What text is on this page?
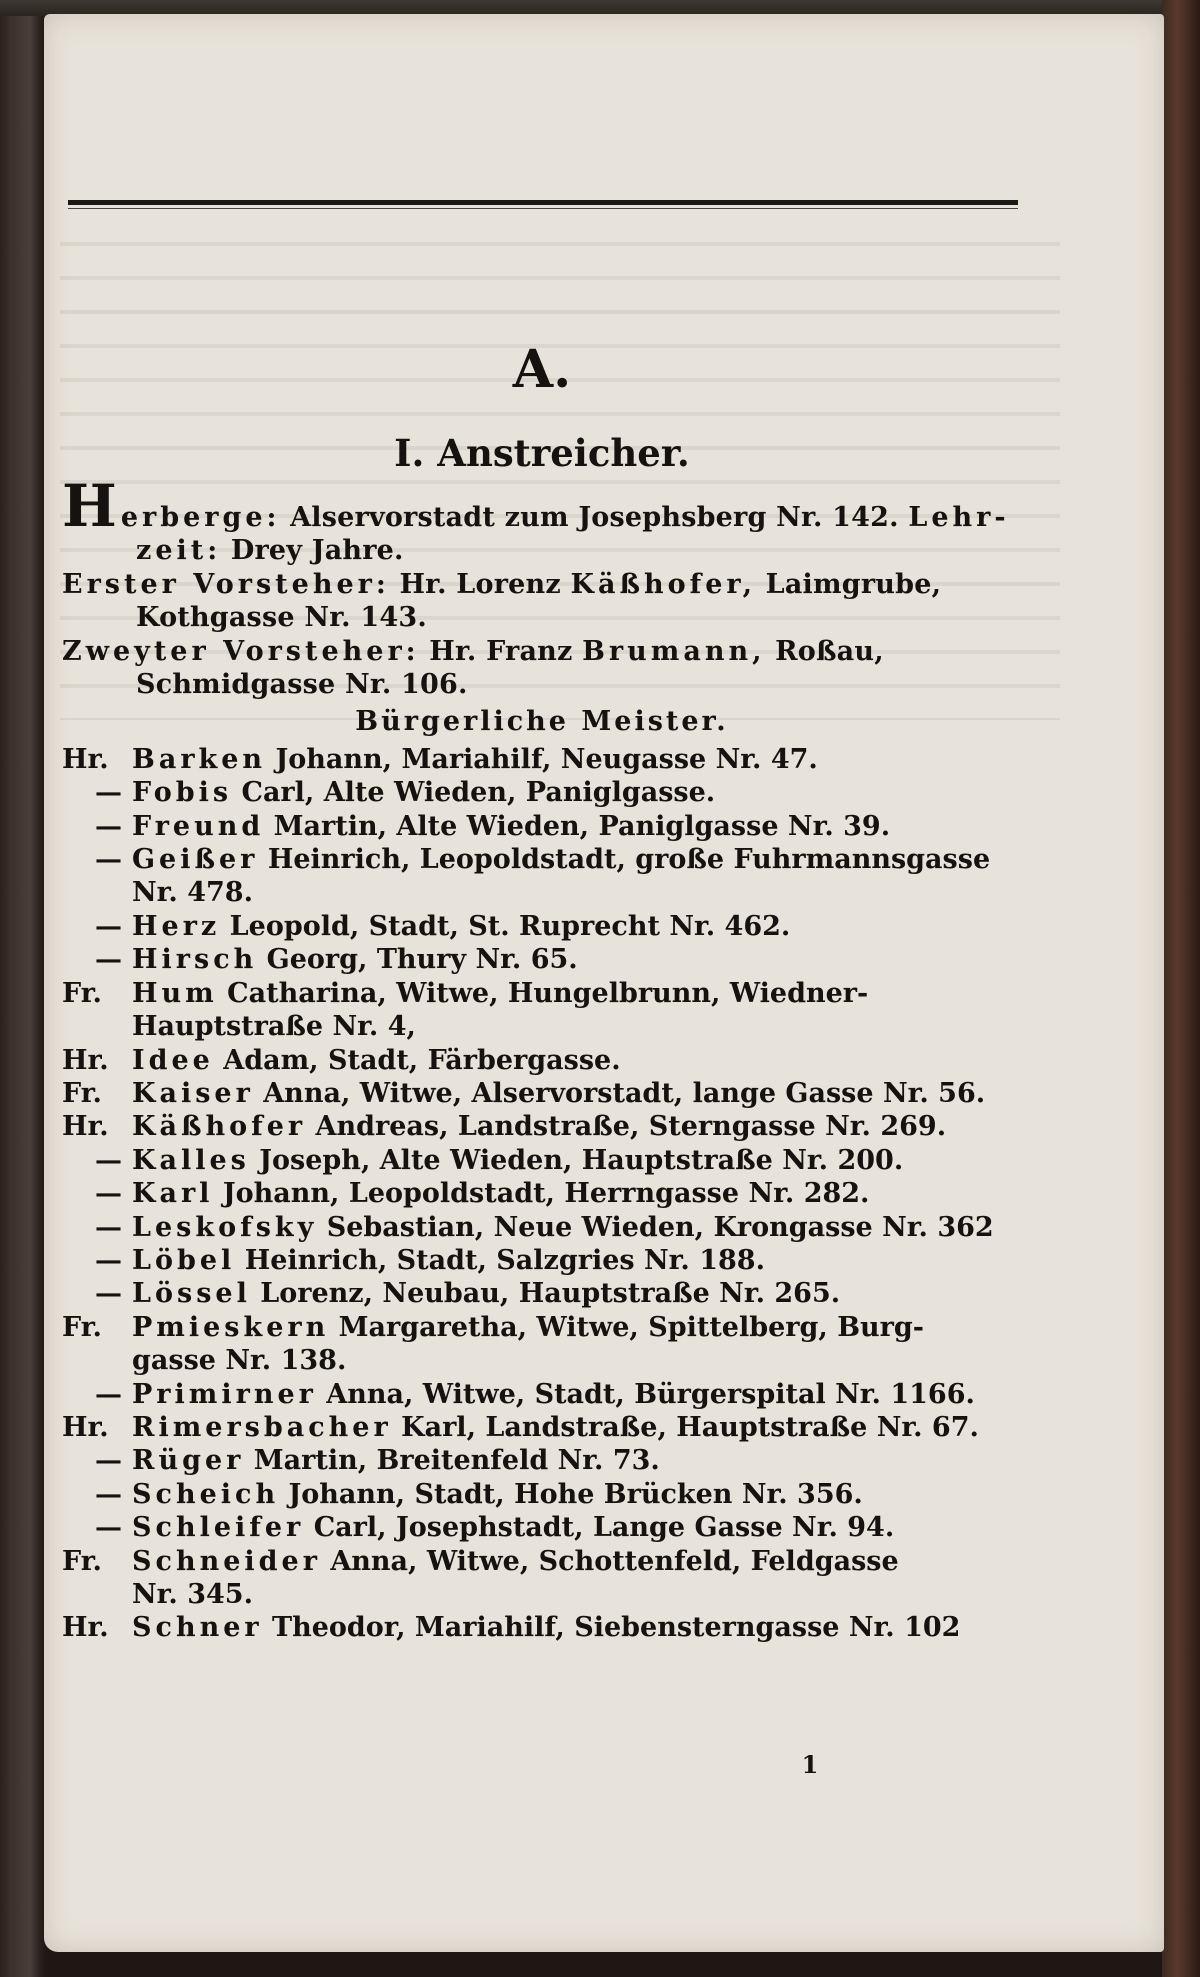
A.
I. Anstreicher.
Herberge: Alservorstadt zum Josephsberg Nr. 142. Lehr-
zeit: Drey Jahre.
Erster Vorsteher: Hr. Lorenz Käßhofer, Laimgrube,
Kothgasse Nr. 143.
Zweyter Vorsteher: Hr. Franz Brumann, Roßau,
Schmidgasse Nr. 106.
Bürgerliche Meister.
Hr. Barken Johann, Mariahilf, Neugasse Nr. 47.
— Fobis Carl, Alte Wieden, Paniglgasse.
— Freund Martin, Alte Wieden, Paniglgasse Nr. 39.
— Geißer Heinrich, Leopoldstadt, große Fuhrmannsgasse
Nr. 478.
— Herz Leopold, Stadt, St. Ruprecht Nr. 462.
— Hirsch Georg, Thury Nr. 65.
Fr.	Hum Catharina, Witwe, Hungelbrunn, Wiedner-
Hauptstraße Nr. 4,
Hr. Idee Adam, Stadt, Färbergasse.
Fr.	Kaiser Anna, Witwe, Alservorstadt, lange Gasse Nr. 56.
Hr. Käßhofer Andreas, Landstraße, Sterngasse Nr. 269.
— Kalles Joseph, Alte Wieden, Hauptstraße Nr. 200.
— Karl Johann, Leopoldstadt, Herrngasse Nr. 282.
— Leskofsky Sebastian, Neue Wieden, Krongasse Nr. 362
— Löbel Heinrich, Stadt, Salzgries Nr. 188.
— Lössel Lorenz, Neubau, Hauptstraße Nr. 265.
Fr.	Pmieskern Margaretha, Witwe, Spittelberg, Burg-
gasse Nr. 138.
— Primirner Anna, Witwe, Stadt, Bürgerspital Nr. 1166.
Hr. Rimersbacher Karl, Landstraße, Hauptstraße Nr. 67.
— Rüger Martin, Breitenfeld Nr. 73.
— Scheich Johann, Stadt, Hohe Brücken Nr. 356.
— Schleifer Carl, Josephstadt, Lange Gasse Nr. 94.
Fr.	Schneider Anna, Witwe, Schottenfeld, Feldgasse
Nr. 345.
Hr. Schner Theodor, Mariahilf, Siebensterngasse Nr. 102
1
